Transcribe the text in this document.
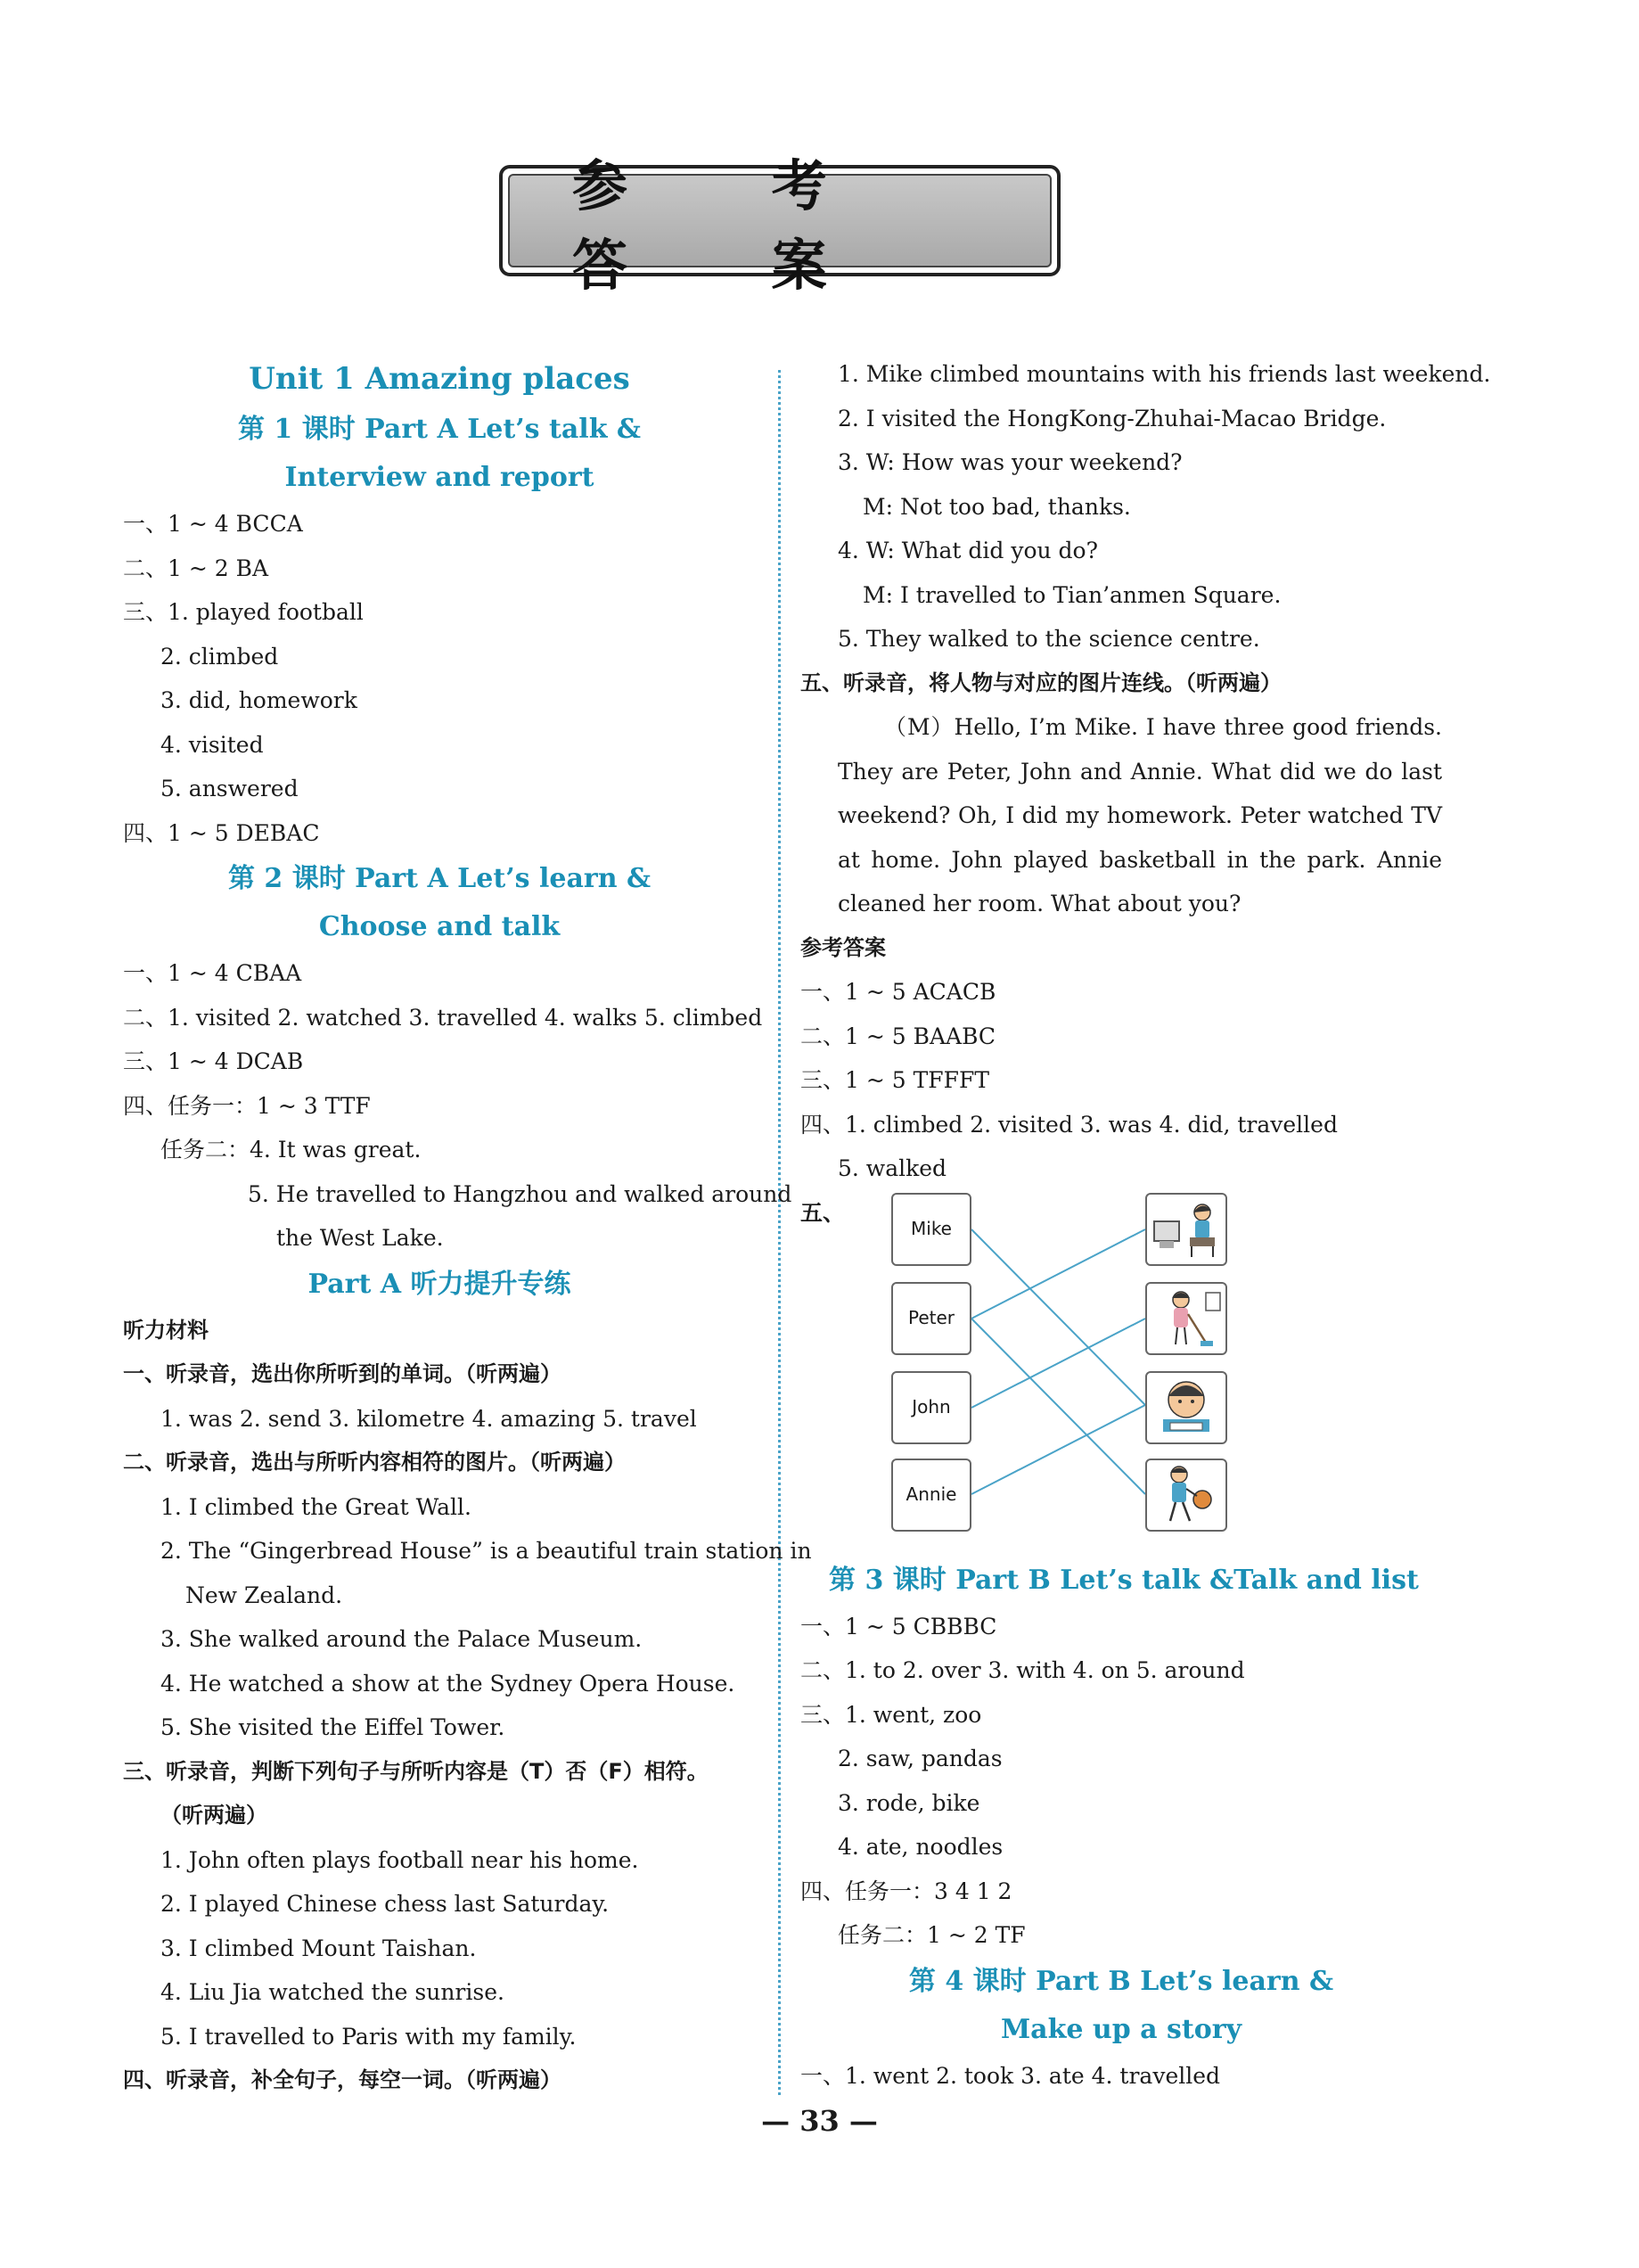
参 考 答 案
Unit 1 Amazing places
第 1 课时 Part A Let’s talk &
Interview and report
一、1 ~ 4 BCCA
二、1 ~ 2 BA
三、1. played football
2. climbed
3. did, homework
4. visited
5. answered
四、1 ~ 5 DEBAC
第 2 课时 Part A Let’s learn &
Choose and talk
一、1 ~ 4 CBAA
二、1. visited 2. watched 3. travelled 4. walks 5. climbed
三、1 ~ 4 DCAB
四、任务一：1 ~ 3 TTF
任务二：4. It was great.
5. He travelled to Hangzhou and walked around
the West Lake.
Part A 听力提升专练
听力材料
一、听录音，选出你所听到的单词。（听两遍）
1. was 2. send 3. kilometre 4. amazing 5. travel
二、听录音，选出与所听内容相符的图片。（听两遍）
1. I climbed the Great Wall.
2. The “Gingerbread House” is a beautiful train station in
New Zealand.
3. She walked around the Palace Museum.
4. He watched a show at the Sydney Opera House.
5. She visited the Eiffel Tower.
三、听录音，判断下列句子与所听内容是（T）否（F）相符。
（听两遍）
1. John often plays football near his home.
2. I played Chinese chess last Saturday.
3. I climbed Mount Taishan.
4. Liu Jia watched the sunrise.
5. I travelled to Paris with my family.
四、听录音，补全句子，每空一词。（听两遍）
1. Mike climbed mountains with his friends last weekend.
2. I visited the HongKong-Zhuhai-Macao Bridge.
3. W: How was your weekend?
M: Not too bad, thanks.
4. W: What did you do?
M: I travelled to Tian’anmen Square.
5. They walked to the science centre.
五、听录音，将人物与对应的图片连线。（听两遍）
（M）Hello, I’m Mike. I have three good friends. They are Peter, John and Annie. What did we do last weekend? Oh, I did my homework. Peter watched TV at home. John played basketball in the park. Annie cleaned her room. What about you?
参考答案
一、1 ~ 5 ACACB
二、1 ~ 5 BAABC
三、1 ~ 5 TFFFT
四、1. climbed 2. visited 3. was 4. did, travelled
5. walked
五、
Mike
Peter
John
Annie
第 3 课时 Part B Let’s talk &Talk and list
一、1 ~ 5 CBBBC
二、1. to 2. over 3. with 4. on 5. around
三、1. went, zoo
2. saw, pandas
3. rode, bike
4. ate, noodles
四、任务一：3 4 1 2
任务二：1 ~ 2 TF
第 4 课时 Part B Let’s learn &
Make up a story
一、1. went 2. took 3. ate 4. travelled
— 33 —
